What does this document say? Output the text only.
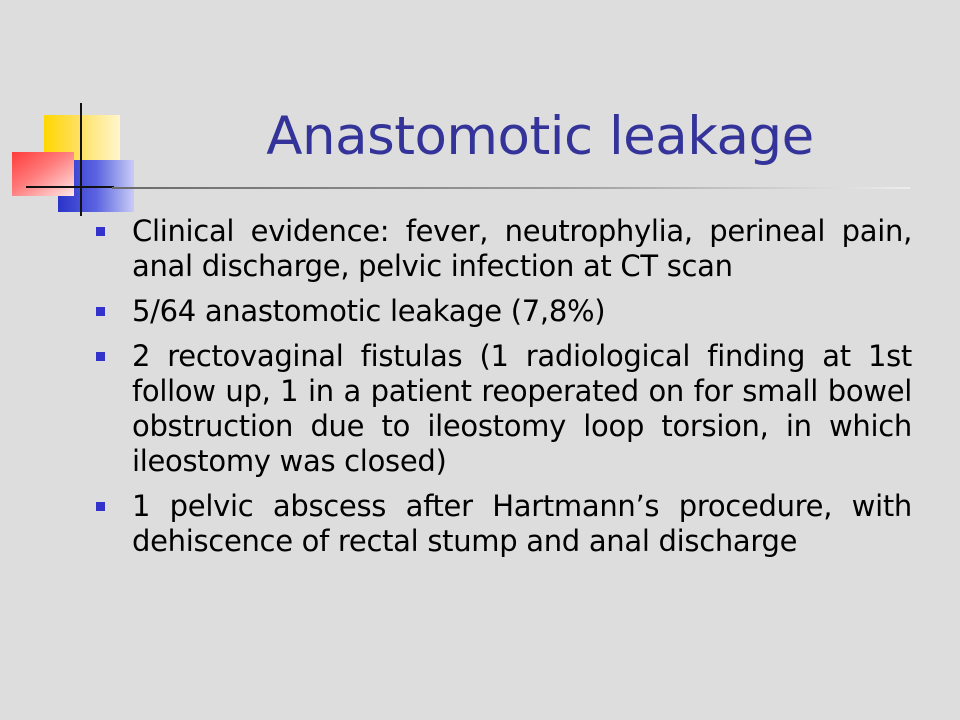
Anastomotic leakage
Clinical evidence: fever, neutrophylia, perineal pain, anal discharge, pelvic infection at CT scan
5/64 anastomotic leakage (7,8%)
2 rectovaginal fistulas (1 radiological finding at 1st follow up, 1 in a patient reoperated on for small bowel obstruction due to ileostomy loop torsion, in which ileostomy was closed)
1 pelvic abscess after Hartmann’s procedure, with dehiscence of rectal stump and anal discharge
